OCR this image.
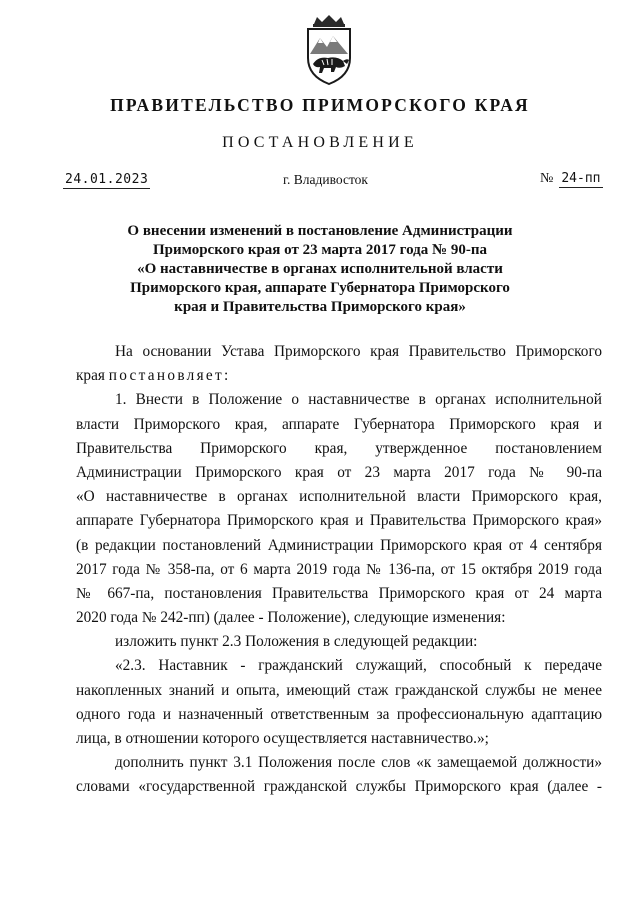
ПРАВИТЕЛЬСТВО ПРИМОРСКОГО КРАЯ
ПОСТАНОВЛЕНИЕ
24.01.2023	г. Владивосток	№ 24-пп
О внесении изменений в постановление Администрации
Приморского края от 23 марта 2017 года № 90-па
«О наставничестве в органах исполнительной власти
Приморского края, аппарате Губернатора Приморского
края и Правительства Приморского края»
На основании Устава Приморского края Правительство Приморского
края постановляет:
1. Внести в Положение о наставничестве в органах исполнительной
власти Приморского края, аппарате Губернатора Приморского края и
Правительства Приморского края, утвержденное постановлением
Администрации Приморского края от 23 марта 2017 года № 90-па
«О наставничестве в органах исполнительной власти Приморского края,
аппарате Губернатора Приморского края и Правительства Приморского края»
(в редакции постановлений Администрации Приморского края от 4 сентября
2017 года № 358-па, от 6 марта 2019 года № 136-па, от 15 октября 2019 года
№ 667-па, постановления Правительства Приморского края от 24 марта
2020 года № 242-пп) (далее - Положение), следующие изменения:
изложить пункт 2.3 Положения в следующей редакции:
«2.3. Наставник - гражданский служащий, способный к передаче
накопленных знаний и опыта, имеющий стаж гражданской службы не менее
одного года и назначенный ответственным за профессиональную адаптацию
лица, в отношении которого осуществляется наставничество.»;
дополнить пункт 3.1 Положения после слов «к замещаемой должности»
словами «государственной гражданской службы Приморского края (далее -
